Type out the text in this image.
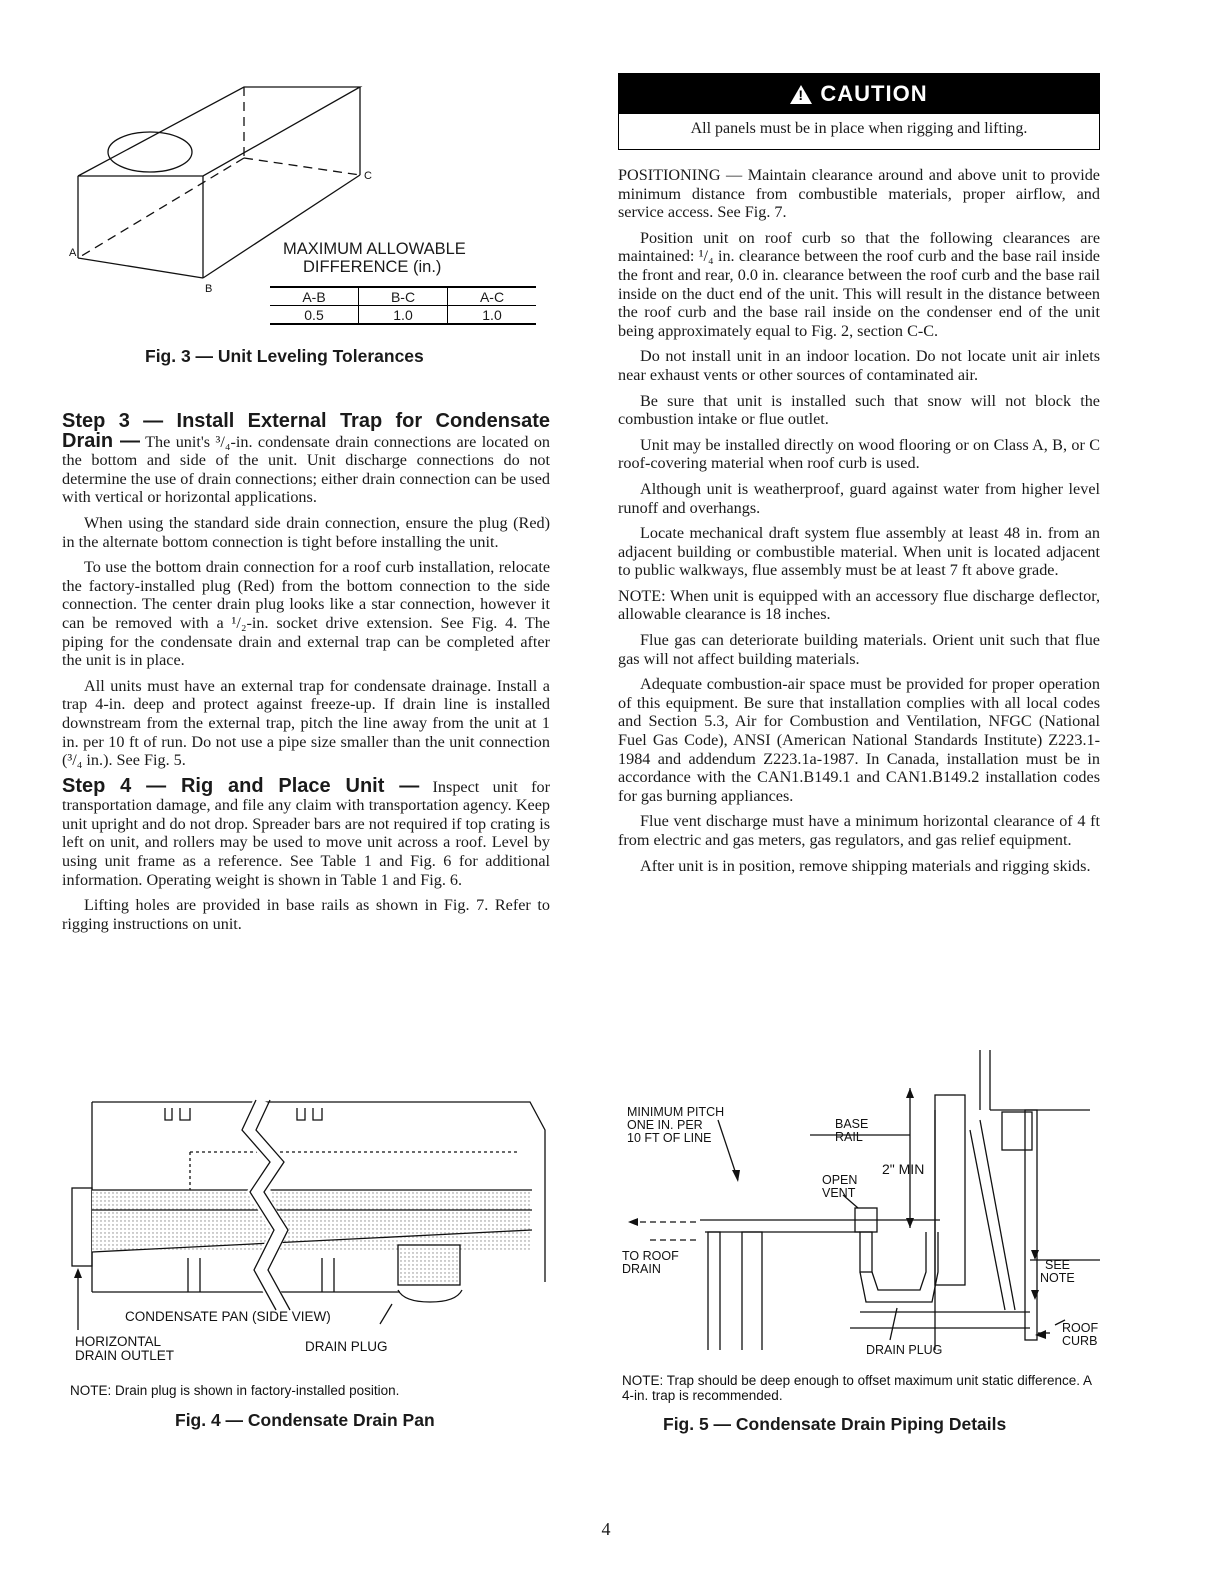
A
B
C
MAXIMUM ALLOWABLE
DIFFERENCE (in.)
A-B	B-C	A-C
0.5	1.0	1.0
Fig. 3 — Unit Leveling Tolerances

Step 3 — Install External Trap for Condensate Drain — The unit's ³/₄-in. condensate drain connections are located on the bottom and side of the unit. Unit discharge connections do not determine the use of drain connections; either drain connection can be used with vertical or horizontal applications.

When using the standard side drain connection, ensure the plug (Red) in the alternate bottom connection is tight before installing the unit.

To use the bottom drain connection for a roof curb installation, relocate the factory-installed plug (Red) from the bottom connection to the side connection. The center drain plug looks like a star connection, however it can be removed with a ¹/₂-in. socket drive extension. See Fig. 4. The piping for the condensate drain and external trap can be completed after the unit is in place.

All units must have an external trap for condensate drainage. Install a trap 4-in. deep and protect against freeze-up. If drain line is installed downstream from the external trap, pitch the line away from the unit at 1 in. per 10 ft of run. Do not use a pipe size smaller than the unit connection (³/₄ in.). See Fig. 5.

Step 4 — Rig and Place Unit — Inspect unit for transportation damage, and file any claim with transportation agency. Keep unit upright and do not drop. Spreader bars are not required if top crating is left on unit, and rollers may be used to move unit across a roof. Level by using unit frame as a reference. See Table 1 and Fig. 6 for additional information. Operating weight is shown in Table 1 and Fig. 6.

Lifting holes are provided in base rails as shown in Fig. 7. Refer to rigging instructions on unit.

! CAUTION
All panels must be in place when rigging and lifting.

POSITIONING — Maintain clearance around and above unit to provide minimum distance from combustible materials, proper airflow, and service access. See Fig. 7.

Position unit on roof curb so that the following clearances are maintained: ¹/₄ in. clearance between the roof curb and the base rail inside the front and rear, 0.0 in. clearance between the roof curb and the base rail inside on the duct end of the unit. This will result in the distance between the roof curb and the base rail inside on the condenser end of the unit being approximately equal to Fig. 2, section C-C.

Do not install unit in an indoor location. Do not locate unit air inlets near exhaust vents or other sources of contaminated air.

Be sure that unit is installed such that snow will not block the combustion intake or flue outlet.

Unit may be installed directly on wood flooring or on Class A, B, or C roof-covering material when roof curb is used.

Although unit is weatherproof, guard against water from higher level runoff and overhangs.

Locate mechanical draft system flue assembly at least 48 in. from an adjacent building or combustible material. When unit is located adjacent to public walkways, flue assembly must be at least 7 ft above grade.

NOTE: When unit is equipped with an accessory flue discharge deflector, allowable clearance is 18 inches.

Flue gas can deteriorate building materials. Orient unit such that flue gas will not affect building materials.

Adequate combustion-air space must be provided for proper operation of this equipment. Be sure that installation complies with all local codes and Section 5.3, Air for Combustion and Ventilation, NFGC (National Fuel Gas Code), ANSI (American National Standards Institute) Z223.1-1984 and addendum Z223.1a-1987. In Canada, installation must be in accordance with the CAN1.B149.1 and CAN1.B149.2 installation codes for gas burning appliances.

Flue vent discharge must have a minimum horizontal clearance of 4 ft from electric and gas meters, gas regulators, and gas relief equipment.

After unit is in position, remove shipping materials and rigging skids.

CONDENSATE PAN (SIDE VIEW)
HORIZONTAL
DRAIN OUTLET
DRAIN PLUG
NOTE: Drain plug is shown in factory-installed position.
Fig. 4 — Condensate Drain Pan
MINIMUM PITCH
ONE IN. PER
10 FT OF LINE
BASE
RAIL
2" MIN
OPEN
VENT
TO ROOF
DRAIN	SEE
NOTE
ROOF
CURB
DRAIN PLUG
NOTE: Trap should be deep enough to offset maximum unit static difference. A 4-in. trap is recommended.
Fig. 5 — Condensate Drain Piping Details
4
